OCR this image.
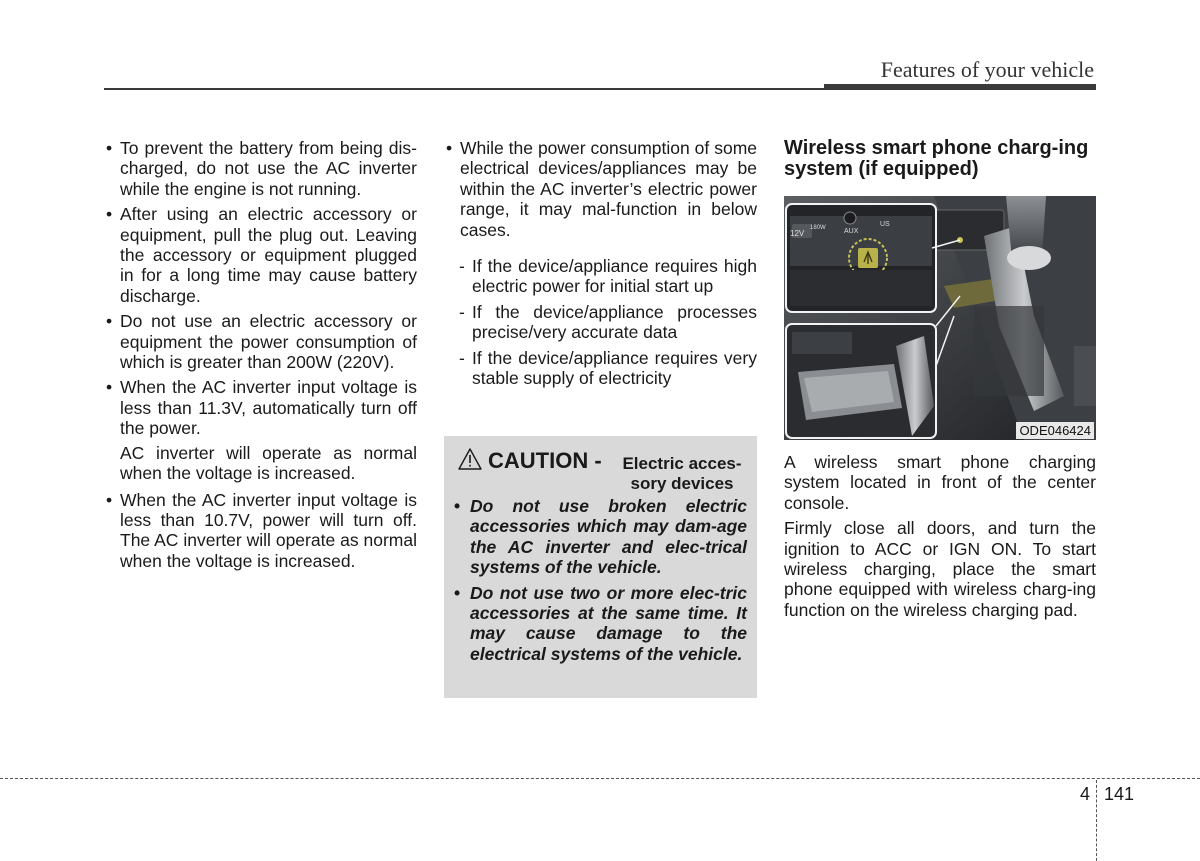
Features of your vehicle
• To prevent the battery from being dis-charged, do not use the AC inverter while the engine is not running.
• After using an electric accessory or equipment, pull the plug out. Leaving the accessory or equipment plugged in for a long time may cause battery discharge.
• Do not use an electric accessory or equipment the power consumption of which is greater than 200W (220V).
• When the AC inverter input voltage is less than 11.3V, automatically turn off the power.

AC inverter will operate as normal when the voltage is increased.

• When the AC inverter input voltage is less than 10.7V, power will turn off. The AC inverter will operate as normal when the voltage is increased.
• While the power consumption of some electrical devices/appliances may be within the AC inverter’s electric power range, it may mal-function in below cases.
- If the device/appliance requires high electric power for initial start up
- If the device/appliance processes precise/very accurate data
- If the device/appliance requires very stable supply of electricity
CAUTION -	Electric acces-sory devices
• Do not use broken electric accessories which may dam-age the AC inverter and elec-trical systems of the vehicle.
• Do not use two or more elec-tric accessories at the same time. It may cause damage to the electrical systems of the vehicle.
Wireless smart phone charg-ing system (if equipped)
12V
180W	AUX
US
ODE046424

A wireless smart phone charging system located in front of the center console.

Firmly close all doors, and turn the ignition to ACC or IGN ON. To start wireless charging, place the smart phone equipped with wireless charg-ing function on the wireless charging pad.

4 141
